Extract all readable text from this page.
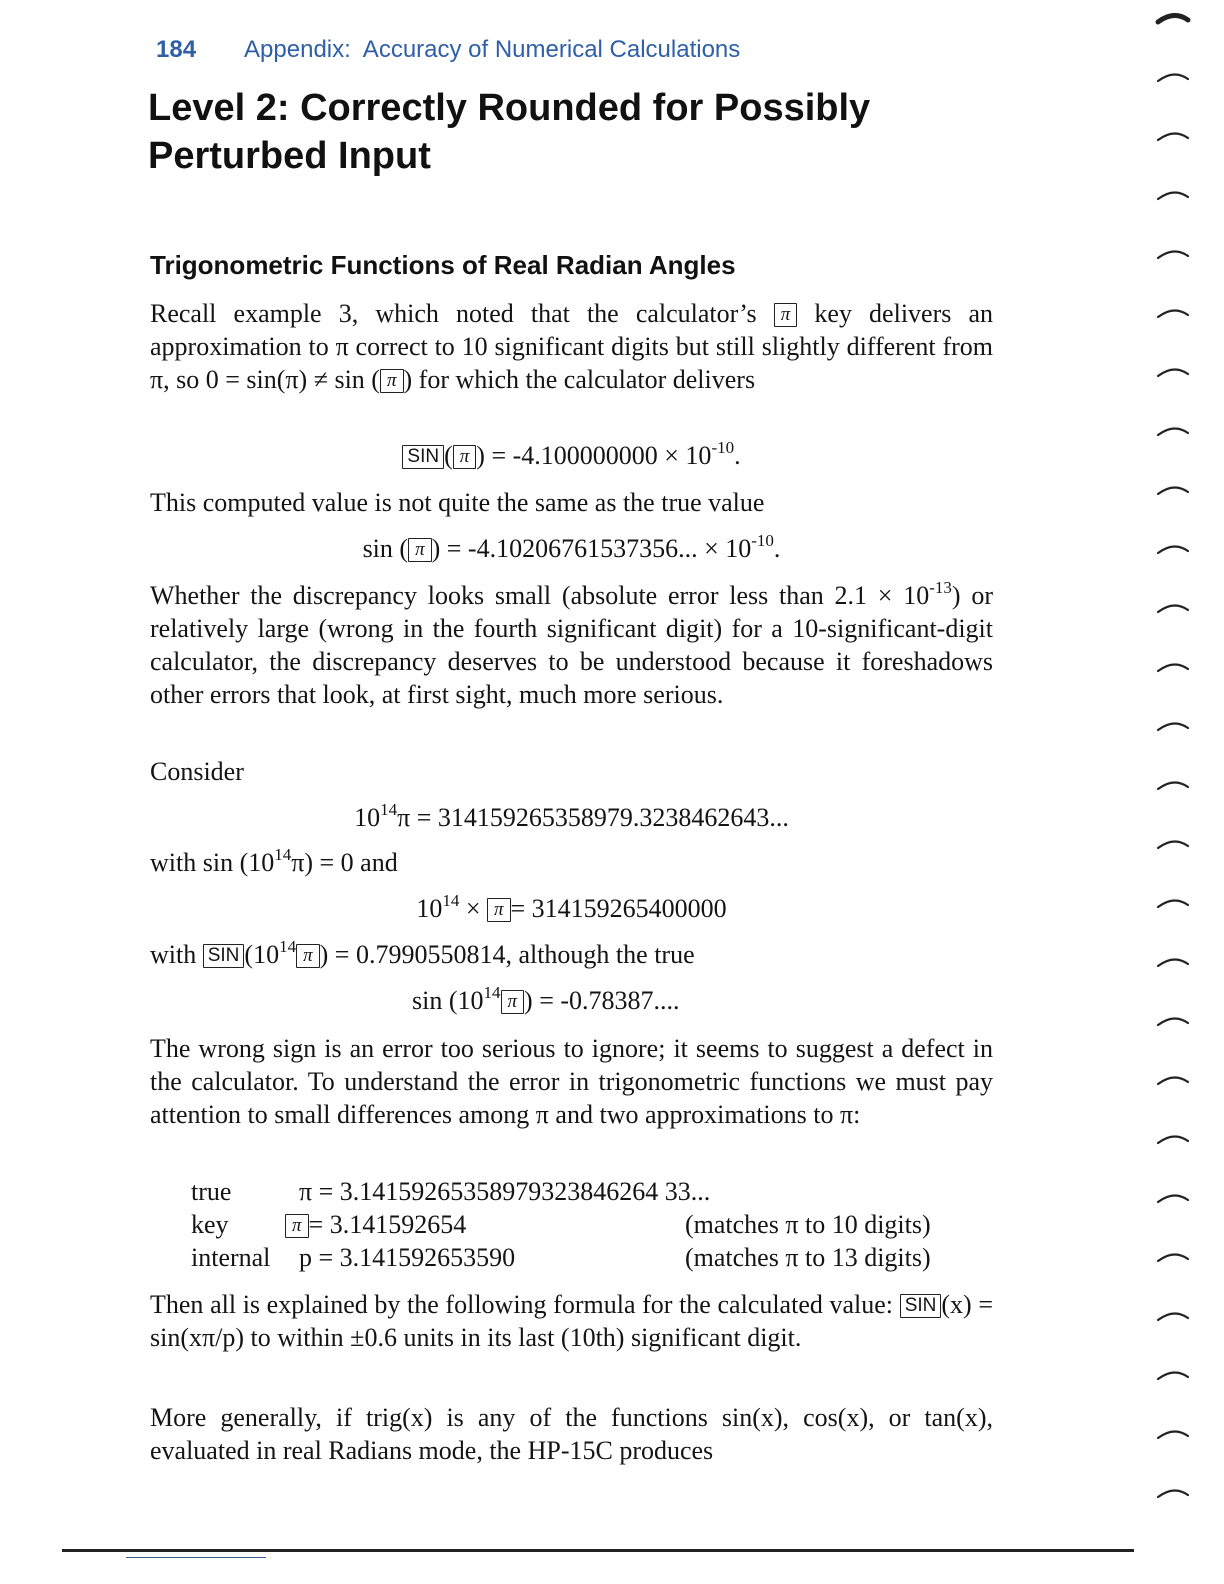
184 Appendix:  Accuracy of Numerical Calculations
Level 2: Correctly Rounded for Possibly
Perturbed Input
Trigonometric Functions of Real Radian Angles
Recall example 3, which noted that the calculator’s π key delivers an approximation to π correct to 10 significant digits but still slightly different from π, so 0 = sin(π) ≠ sin ( π ) for which the calculator delivers
SIN ( π ) = $-4.100000000 \times 10^{-10}$.
This computed value is not quite the same as the true value
sin ( π ) = -4.10206761537356... × $10^{-10}$.
Whether the discrepancy looks small (absolute error less than $2.1 \times 10^{-13}$) or relatively large (wrong in the fourth significant digit) for a 10-significant-digit calculator, the discrepancy deserves to be understood because it foreshadows other errors that look, at first sight, much more serious.
Consider
$10^{14}\pi = 314159265358979.3238462643$...
with $\sin (10^{14}\pi) = 0$ and
$10^{14} \times \pi = 314159265400000$
with SIN ($10^{14}$ π ) = 0.7990550814, although the true
$\sin (10^{14}$ π ) = -0.78387....
The wrong sign is an error too serious to ignore; it seems to suggest a defect in the calculator. To understand the error in trigonometric functions we must pay attention to small differences among π and two approximations to π:
true	π = 3.14159265358979323846264 33...
key	π = 3.141592654	(matches π to 10 digits)
internal p = 3.141592653590	(matches π to 13 digits)
Then all is explained by the following formula for the calculated value: SIN (x) = sin(xπ/p) to within ±0.6 units in its last (10th) significant digit.
More generally, if trig(x) is any of the functions sin(x), cos(x), or tan(x), evaluated in real Radians mode, the HP-15C produces
